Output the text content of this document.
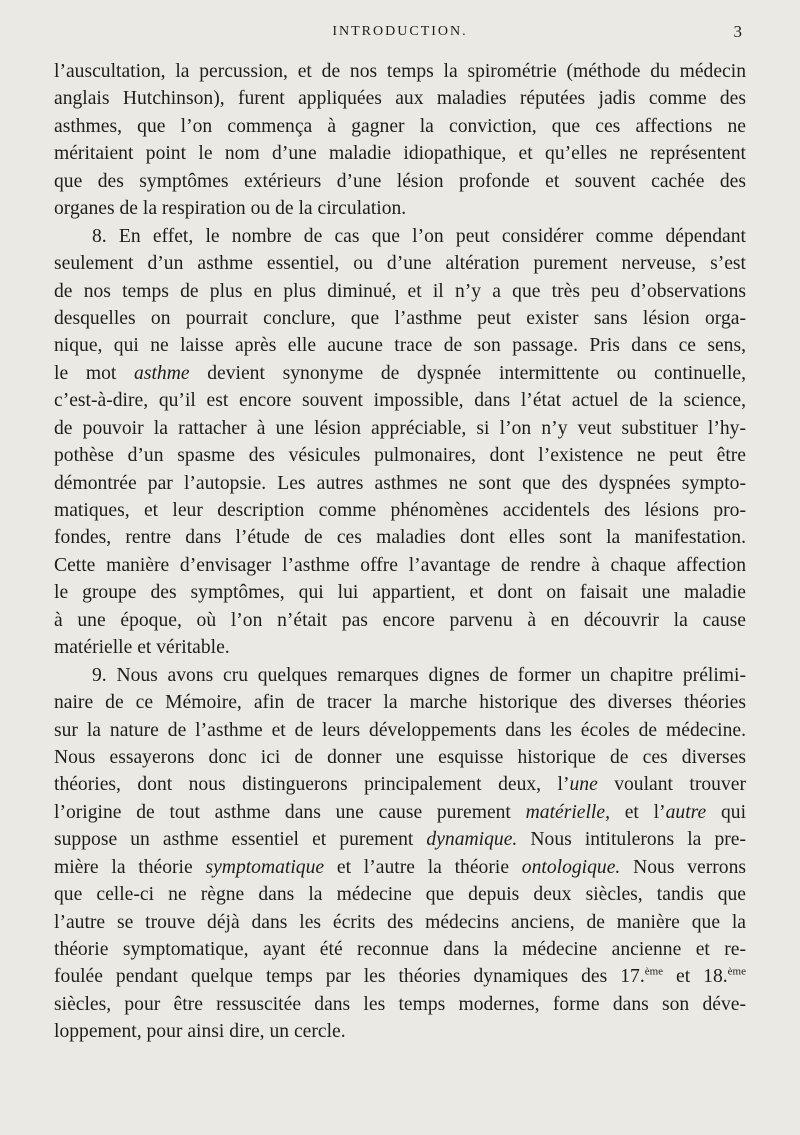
INTRODUCTION.	3
l’auscultation, la percussion, et de nos temps la spirométrie (méthode du médecin
anglais Hutchinson), furent appliquées aux maladies réputées jadis comme des
asthmes, que l’on commença à gagner la conviction, que ces affections ne
méritaient point le nom d’une maladie idiopathique, et qu’elles ne représentent
que des symptômes extérieurs d’une lésion profonde et souvent cachée des
organes de la respiration ou de la circulation.
8. En effet, le nombre de cas que l’on peut considérer comme dépendant
seulement d’un asthme essentiel, ou d’une altération purement nerveuse, s’est
de nos temps de plus en plus diminué, et il n’y a que très peu d’observations
desquelles on pourrait conclure, que l’asthme peut exister sans lésion orga-
nique, qui ne laisse après elle aucune trace de son passage. Pris dans ce sens,
le mot asthme devient synonyme de dyspnée intermittente ou continuelle,
c’est-à-dire, qu’il est encore souvent impossible, dans l’état actuel de la science,
de pouvoir la rattacher à une lésion appréciable, si l’on n’y veut substituer l’hy-
pothèse d’un spasme des vésicules pulmonaires, dont l’existence ne peut être
démontrée par l’autopsie. Les autres asthmes ne sont que des dyspnées sympto-
matiques, et leur description comme phénomènes accidentels des lésions pro-
fondes, rentre dans l’étude de ces maladies dont elles sont la manifestation.
Cette manière d’envisager l’asthme offre l’avantage de rendre à chaque affection
le groupe des symptômes, qui lui appartient, et dont on faisait une maladie
à une époque, où l’on n’était pas encore parvenu à en découvrir la cause
matérielle et véritable.
9. Nous avons cru quelques remarques dignes de former un chapitre prélimi-
naire de ce Mémoire, afin de tracer la marche historique des diverses théories
sur la nature de l’asthme et de leurs développements dans les écoles de médecine.
Nous essayerons donc ici de donner une esquisse historique de ces diverses
théories, dont nous distinguerons principalement deux, l’une voulant trouver
l’origine de tout asthme dans une cause purement matérielle, et l’autre qui
suppose un asthme essentiel et purement dynamique. Nous intitulerons la pre-
mière la théorie symptomatique et l’autre la théorie ontologique. Nous verrons
que celle-ci ne règne dans la médecine que depuis deux siècles, tandis que
l’autre se trouve déjà dans les écrits des médecins anciens, de manière que la
théorie symptomatique, ayant été reconnue dans la médecine ancienne et re-
foulée pendant quelque temps par les théories dynamiques des 17.$^{ème}$ et 18.$^{ème}$
siècles, pour être ressuscitée dans les temps modernes, forme dans son déve-
loppement, pour ainsi dire, un cercle.
